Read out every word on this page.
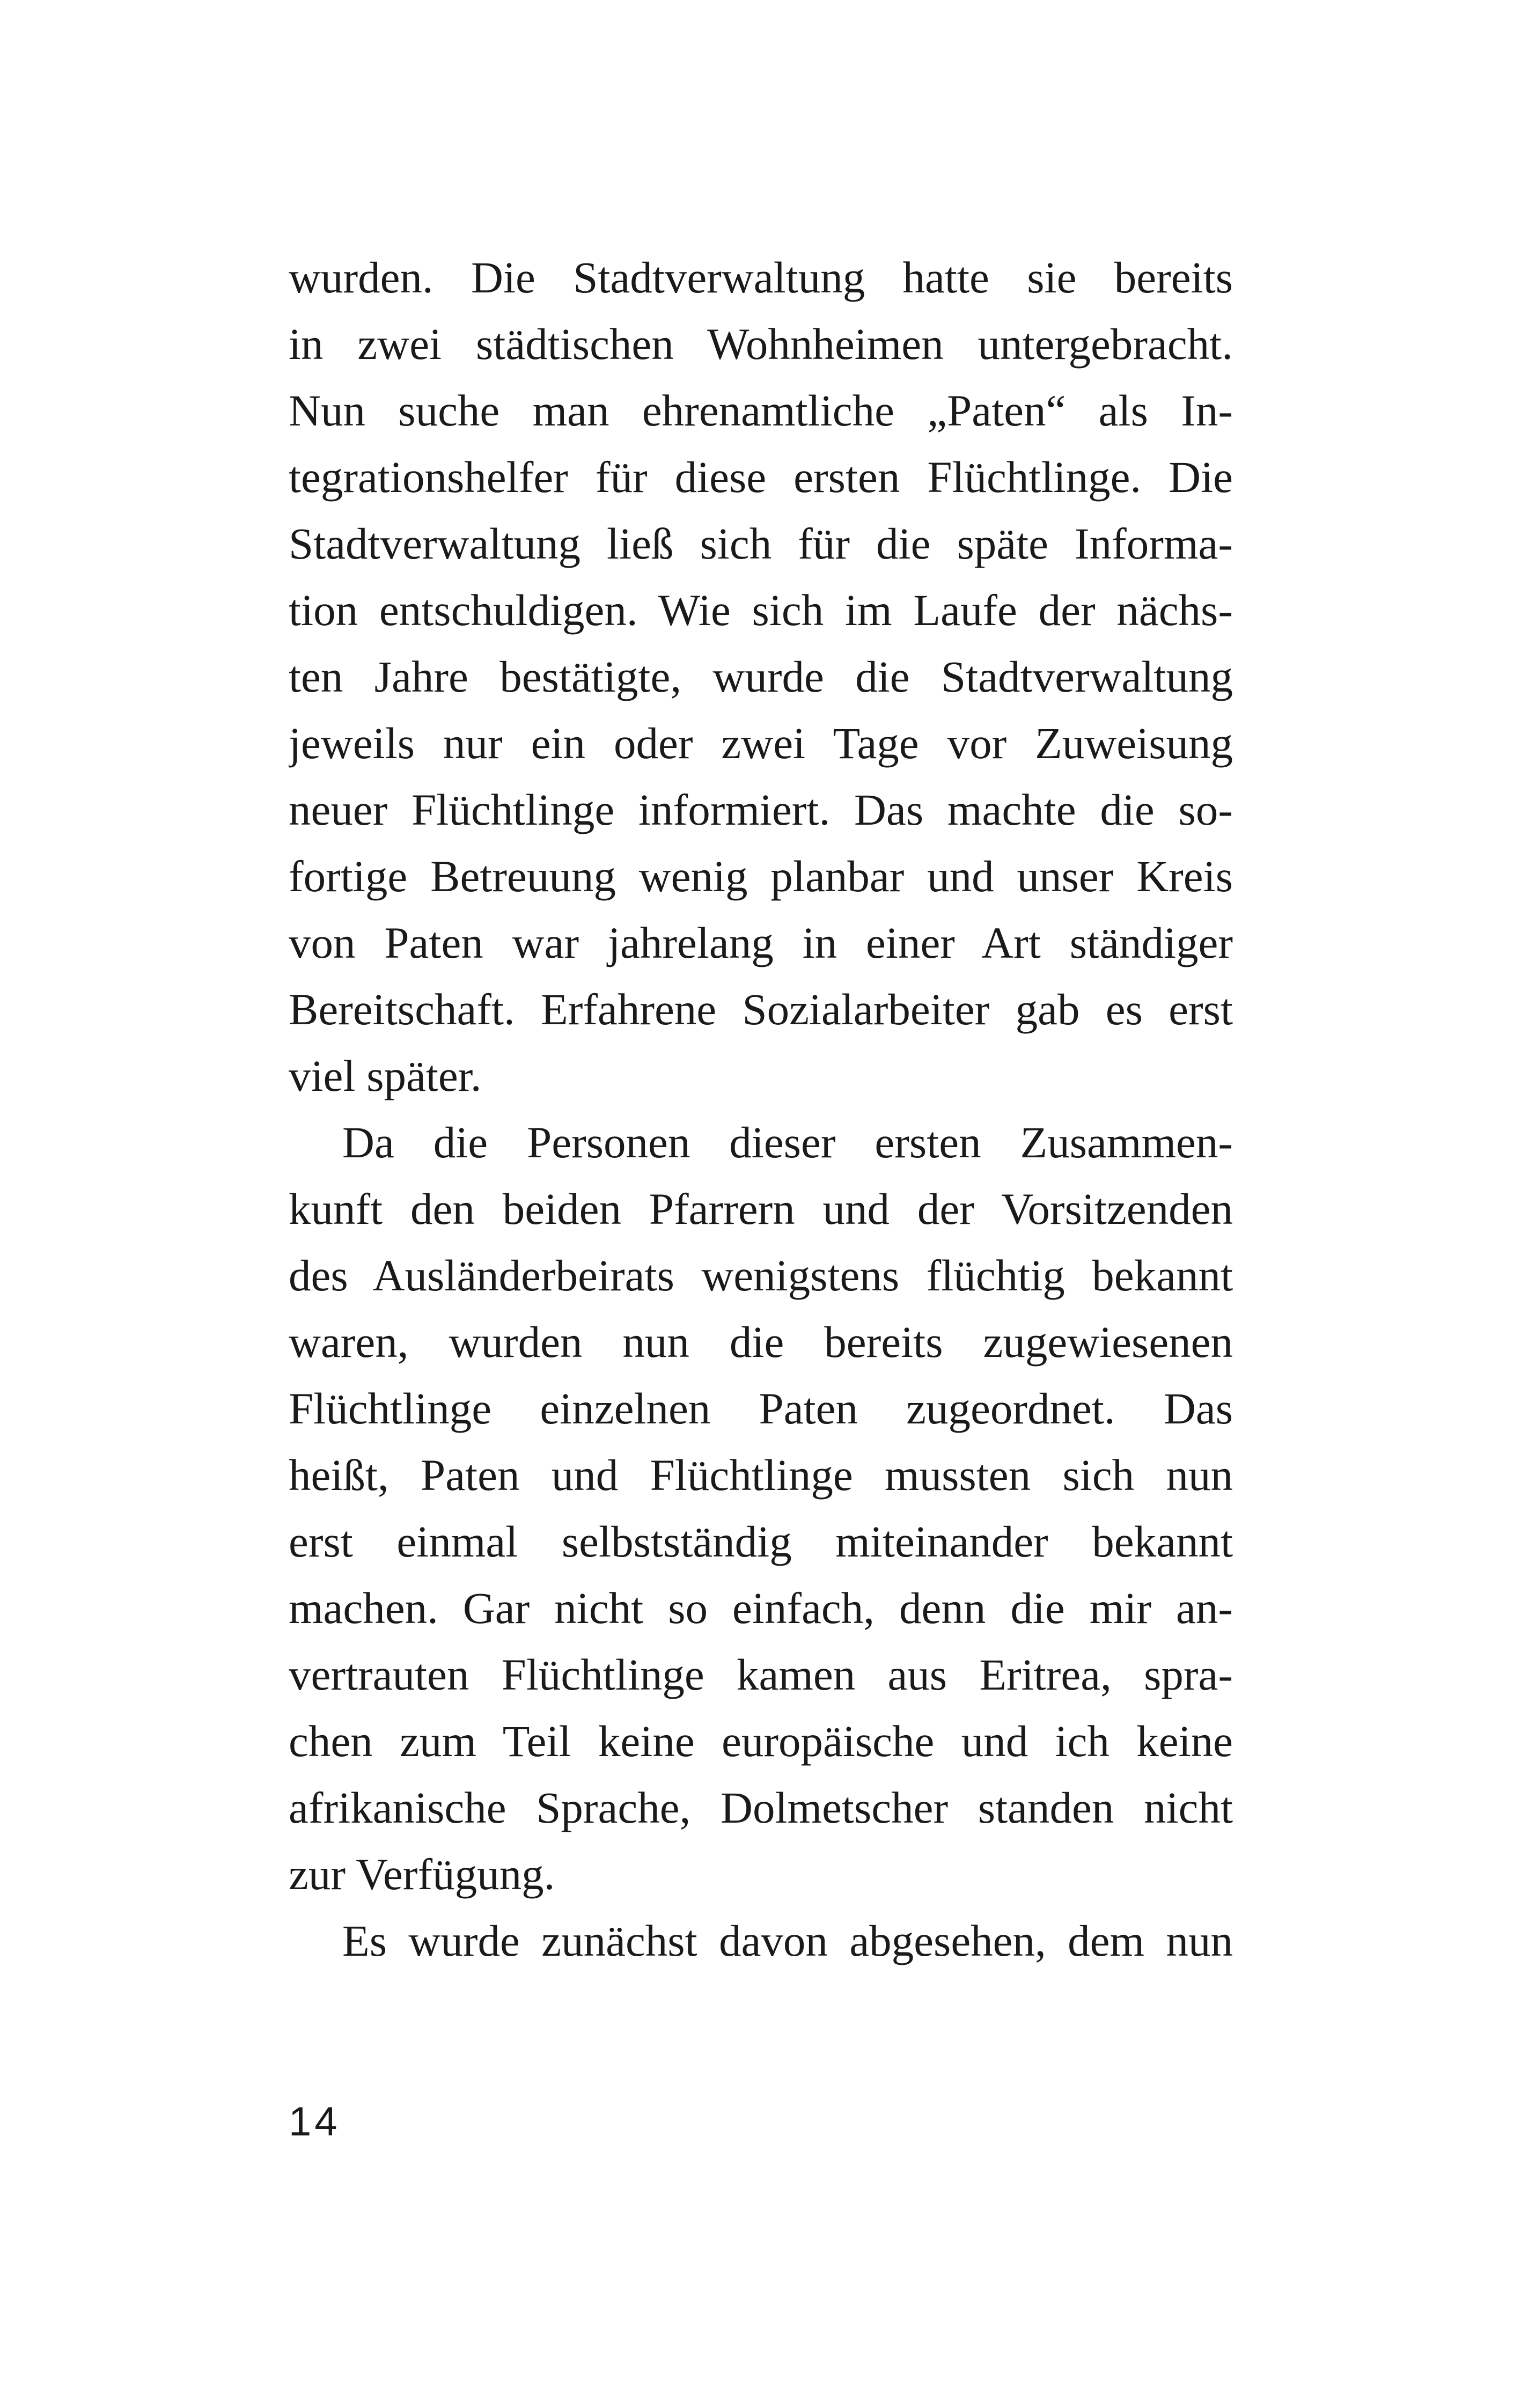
wurden. Die Stadtverwaltung hatte sie bereits
in zwei städtischen Wohnheimen untergebracht.
Nun suche man ehrenamtliche „Paten“ als In-
tegrationshelfer für diese ersten Flüchtlinge. Die
Stadtverwaltung ließ sich für die späte Informa-
tion entschuldigen. Wie sich im Laufe der nächs-
ten Jahre bestätigte, wurde die Stadtverwaltung
jeweils nur ein oder zwei Tage vor Zuweisung
neuer Flüchtlinge informiert. Das machte die so-
fortige Betreuung wenig planbar und unser Kreis
von Paten war jahrelang in einer Art ständiger
Bereitschaft. Erfahrene Sozialarbeiter gab es erst
viel später.
Da die Personen dieser ersten Zusammen-
kunft den beiden Pfarrern und der Vorsitzenden
des Ausländerbeirats wenigstens flüchtig bekannt
waren, wurden nun die bereits zugewiesenen
Flüchtlinge einzelnen Paten zugeordnet. Das
heißt, Paten und Flüchtlinge mussten sich nun
erst einmal selbstständig miteinander bekannt
machen. Gar nicht so einfach, denn die mir an-
vertrauten Flüchtlinge kamen aus Eritrea, spra-
chen zum Teil keine europäische und ich keine
afrikanische Sprache, Dolmetscher standen nicht
zur Verfügung.
Es wurde zunächst davon abgesehen, dem nun
14
